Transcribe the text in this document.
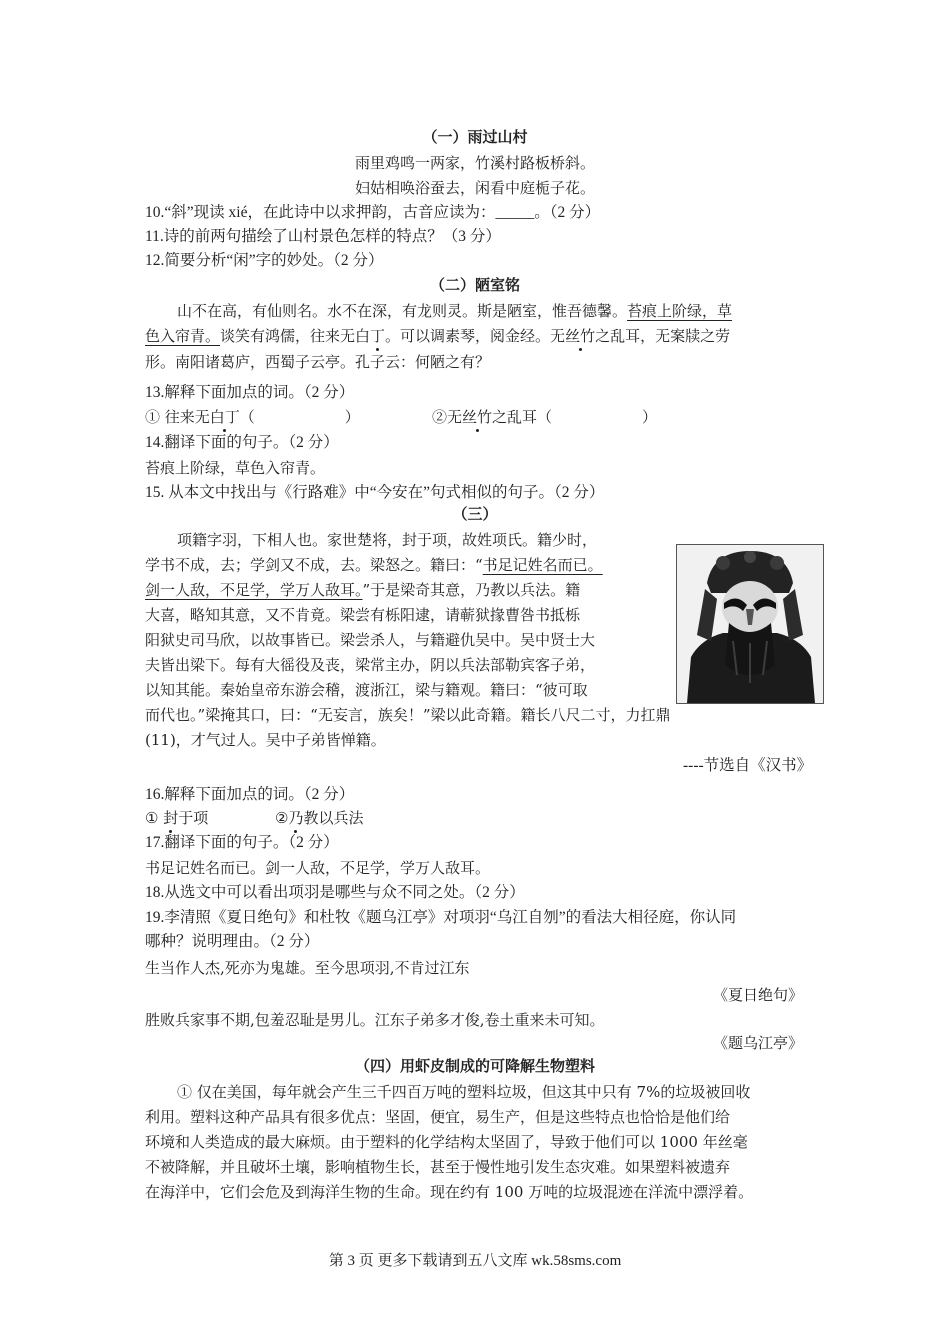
（一）雨过山村
雨里鸡鸣一两家，竹溪村路板桥斜。
妇姑相唤浴蚕去，闲看中庭栀子花。
10.“斜”现读 xié，在此诗中以求押韵，古音应读为：_____。（2 分）
11.诗的前两句描绘了山村景色怎样的特点？（3 分）
12.简要分析“闲”字的妙处。（2 分）
（二）陋室铭
山不在高，有仙则名。水不在深，有龙则灵。斯是陋室，惟吾德馨。苔痕上阶绿，草
色入帘青。谈笑有鸿儒，往来无白丁。可以调素琴，阅金经。无丝竹之乱耳，无案牍之劳
形。南阳诸葛庐，西蜀子云亭。孔子云：何陋之有？
13.解释下面加点的词。（2 分）
① 往来无白丁（　　　　　　）	②无丝竹之乱耳（　　　　　　）
14.翻译下面的句子。（2 分）
苔痕上阶绿，草色入帘青。
15. 从本文中找出与《行路难》中“今安在”句式相似的句子。（2 分）
（三）
项籍字羽，下相人也。家世楚将，封于项，故姓项氏。籍少时，
学书不成，去；学剑又不成，去。梁怒之。籍曰：“书足记姓名而已。
剑一人敌，不足学，学万人敌耳。”于是梁奇其意，乃教以兵法。籍
大喜，略知其意，又不肯竟。梁尝有栎阳逮，请蕲狱掾曹咎书抵栎
阳狱史司马欣，以故事皆已。梁尝杀人，与籍避仇吴中。吴中贤士大
夫皆出梁下。每有大徭役及丧，梁常主办，阴以兵法部勒宾客子弟，
以知其能。秦始皇帝东游会稽，渡浙江，梁与籍观。籍曰：“彼可取
而代也。”梁掩其口，曰：“无妄言，族矣！”梁以此奇籍。籍长八尺二寸，力扛鼎
(11)，才气过人。吴中子弟皆惮籍。
----节选自《汉书》
16.解释下面加点的词。（2 分）
① 封于项	②乃教以兵法
17.翻译下面的句子。（2 分）
书足记姓名而已。剑一人敌，不足学，学万人敌耳。
18.从选文中可以看出项羽是哪些与众不同之处。（2 分）
19.李清照《夏日绝句》和杜牧《题乌江亭》对项羽“乌江自刎”的看法大相径庭，你认同
哪种？说明理由。（2 分）
生当作人杰,死亦为鬼雄。至今思项羽,不肯过江东
《夏日绝句》
胜败兵家事不期,包羞忍耻是男儿。江东子弟多才俊,卷土重来未可知。
《题乌江亭》
（四）用虾皮制成的可降解生物塑料
① 仅在美国，每年就会产生三千四百万吨的塑料垃圾，但这其中只有 7%的垃圾被回收
利用。塑料这种产品具有很多优点：坚固，便宜，易生产，但是这些特点也恰恰是他们给
环境和人类造成的最大麻烦。由于塑料的化学结构太坚固了，导致于他们可以 1000 年丝毫
不被降解，并且破坏土壤，影响植物生长，甚至于慢性地引发生态灾难。如果塑料被遗弃
在海洋中，它们会危及到海洋生物的生命。现在约有 100 万吨的垃圾混迹在洋流中漂浮着。
第 3 页 更多下载请到五八文库 wk.58sms.com
